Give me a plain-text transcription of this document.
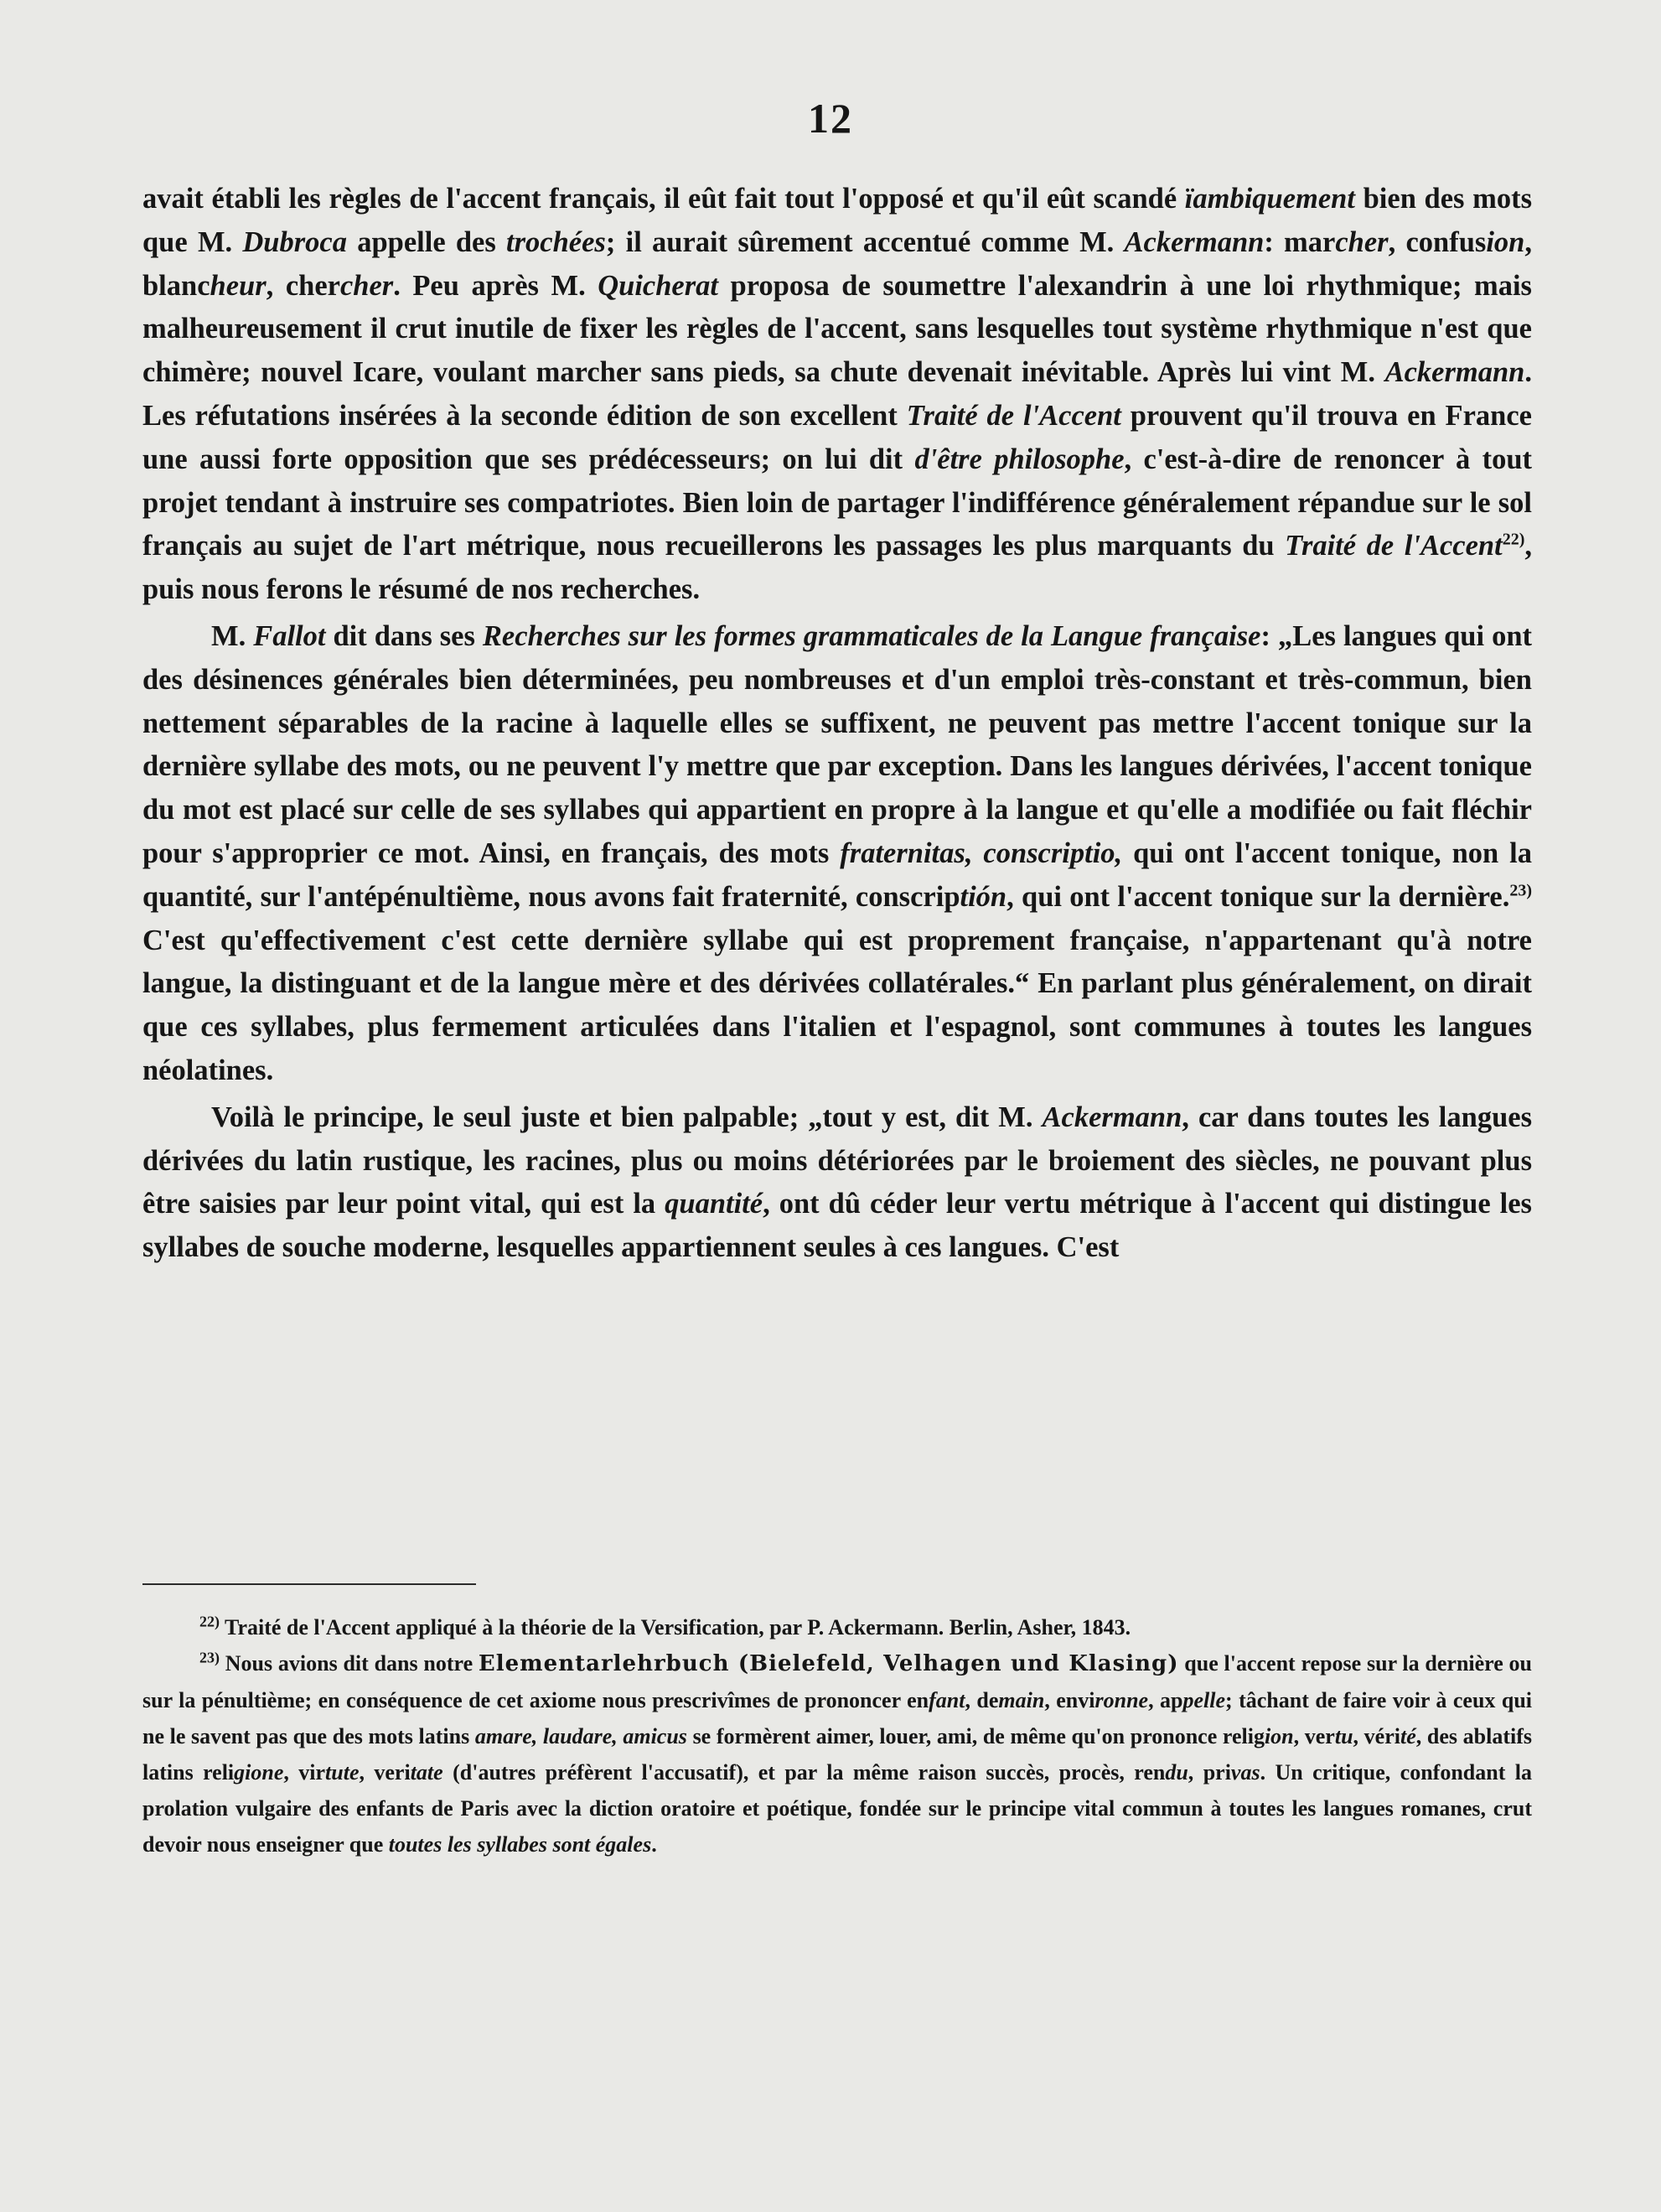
12

avait établi les règles de l'accent français, il eût fait tout l'opposé et qu'il eût scandé ïambiquement bien des mots que M. Dubroca appelle des trochées; il aurait sûrement accentué comme M. Ackermann: marcher, confusion, blancheur, chercher. Peu après M. Quicherat proposa de soumettre l'alexandrin à une loi rhythmique; mais malheureusement il crut inutile de fixer les règles de l'accent, sans lesquelles tout système rhythmique n'est que chimère; nouvel Icare, voulant marcher sans pieds, sa chute devenait inévitable. Après lui vint M. Ackermann. Les réfutations insérées à la seconde édition de son excellent Traité de l'Accent prouvent qu'il trouva en France une aussi forte opposition que ses prédécesseurs; on lui dit d'être philosophe, c'est-à-dire de renoncer à tout projet tendant à instruire ses compatriotes. Bien loin de partager l'indifférence généralement répandue sur le sol français au sujet de l'art métrique, nous recueillerons les passages les plus marquants du Traité de l'Accent$^{22)}$, puis nous ferons le résumé de nos recherches.

M. Fallot dit dans ses Recherches sur les formes grammaticales de la Langue française: „Les langues qui ont des désinences générales bien déterminées, peu nombreuses et d'un emploi très-constant et très-commun, bien nettement séparables de la racine à laquelle elles se suffixent, ne peuvent pas mettre l'accent tonique sur la dernière syllabe des mots, ou ne peuvent l'y mettre que par exception. Dans les langues dérivées, l'accent tonique du mot est placé sur celle de ses syllabes qui appartient en propre à la langue et qu'elle a modifiée ou fait fléchir pour s'approprier ce mot. Ainsi, en français, des mots fraternitas, conscriptio, qui ont l'accent tonique, non la quantité, sur l'antépénultième, nous avons fait fraternité, conscriptión, qui ont l'accent tonique sur la dernière.$^{23)}$ C'est qu'effectivement c'est cette dernière syllabe qui est proprement française, n'appartenant qu'à notre langue, la distinguant et de la langue mère et des dérivées collatérales.“ En parlant plus généralement, on dirait que ces syllabes, plus fermement articulées dans l'italien et l'espagnol, sont communes à toutes les langues néolatines.

Voilà le principe, le seul juste et bien palpable; „tout y est, dit M. Ackermann, car dans toutes les langues dérivées du latin rustique, les racines, plus ou moins détériorées par le broiement des siècles, ne pouvant plus être saisies par leur point vital, qui est la quantité, ont dû céder leur vertu métrique à l'accent qui distingue les syllabes de souche moderne, lesquelles appartiennent seules à ces langues. C'est

$^{22)}$ Traité de l'Accent appliqué à la théorie de la Versification, par P. Ackermann. Berlin, Asher, 1843.

$^{23)}$ Nous avions dit dans notre Elementarlehrbuch (Bielefeld, Velhagen und Klasing) que l'accent repose sur la dernière ou sur la pénultième; en conséquence de cet axiome nous prescrivîmes de prononcer enfant, demain, environne, appelle; tâchant de faire voir à ceux qui ne le savent pas que des mots latins amare, laudare, amicus se formèrent aimer, louer, ami, de même qu'on prononce religion, vertu, vérité, des ablatifs latins religione, virtute, veritate (d'autres préfèrent l'accusatif), et par la même raison succès, procès, rendu, privas. Un critique, confondant la prolation vulgaire des enfants de Paris avec la diction oratoire et poétique, fondée sur le principe vital commun à toutes les langues romanes, crut devoir nous enseigner que toutes les syllabes sont égales.
